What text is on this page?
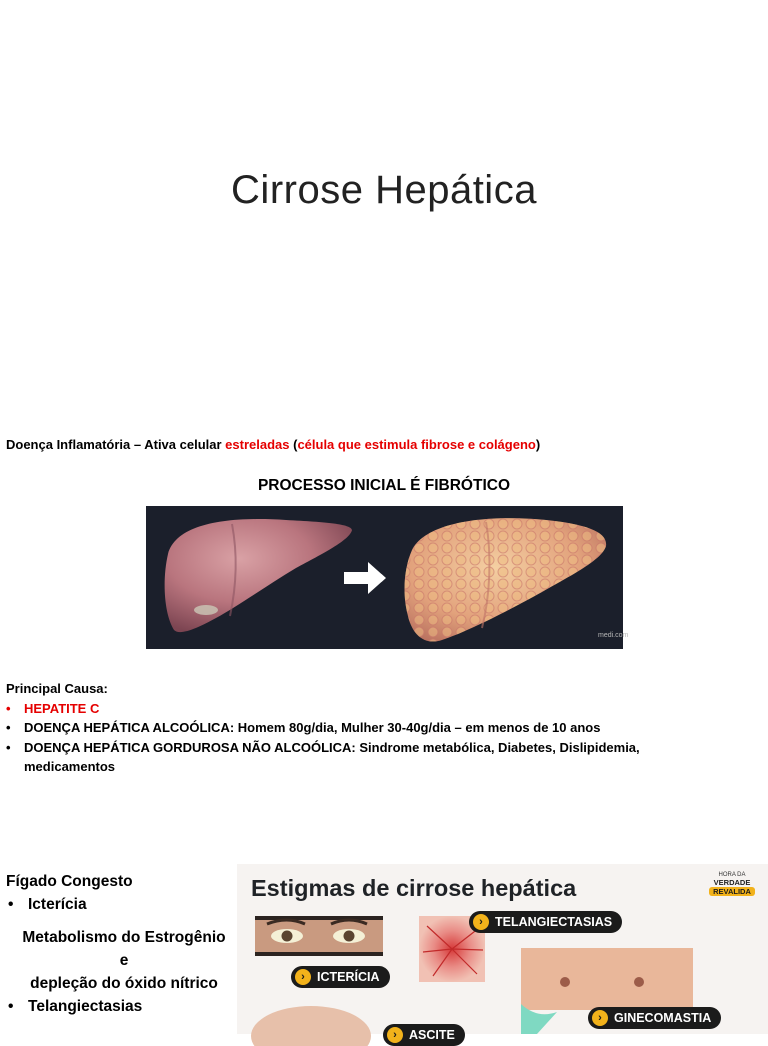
Cirrose Hepática

Doença Inflamatória – Ativa celular estreladas (célula que estimula fibrose e colágeno)

PROCESSO INICIAL É FIBRÓTICO
medi.com

Principal Causa:

• HEPATITE C
• DOENÇA HEPÁTICA ALCOÓLICA: Homem 80g/dia, Mulher 30-40g/dia – em menos de 10 anos
• DOENÇA HEPÁTICA GORDUROSA NÃO ALCOÓLICA: Sindrome metabólica, Diabetes, Dislipidemia, medicamentos

Fígado Congesto

• Icterícia

Metabolismo do Estrogênio

e

depleção do óxido nítrico

• Telangiectasias

Estigmas de cirrose hepática	HORA DA
VERDADE
REVALIDA
› TELANGIECTASIAS
› ICTERÍCIA
› GINECOMASTIA
› ASCITE
